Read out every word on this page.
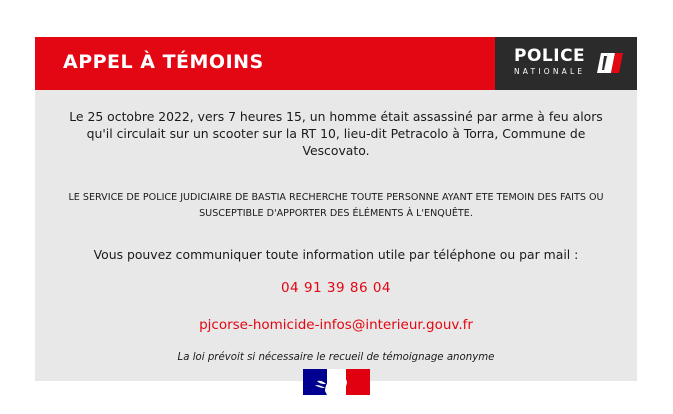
APPEL À TÉMOINS	POLICE
NATIONALE
Le 25 octobre 2022, vers 7 heures 15, un homme était assassiné par arme à feu alors qu'il circulait sur un scooter sur la RT 10, lieu-dit Petracolo à Torra, Commune de Vescovato.
LE SERVICE DE POLICE JUDICIAIRE DE BASTIA RECHERCHE TOUTE PERSONNE AYANT ETE TEMOIN DES FAITS OU SUSCEPTIBLE D'APPORTER DES ÉLÉMENTS À L'ENQUÊTE.
Vous pouvez communiquer toute information utile par téléphone ou par mail :
04 91 39 86 04
pjcorse-homicide-infos@interieur.gouv.fr
La loi prévoit si nécessaire le recueil de témoignage anonyme
